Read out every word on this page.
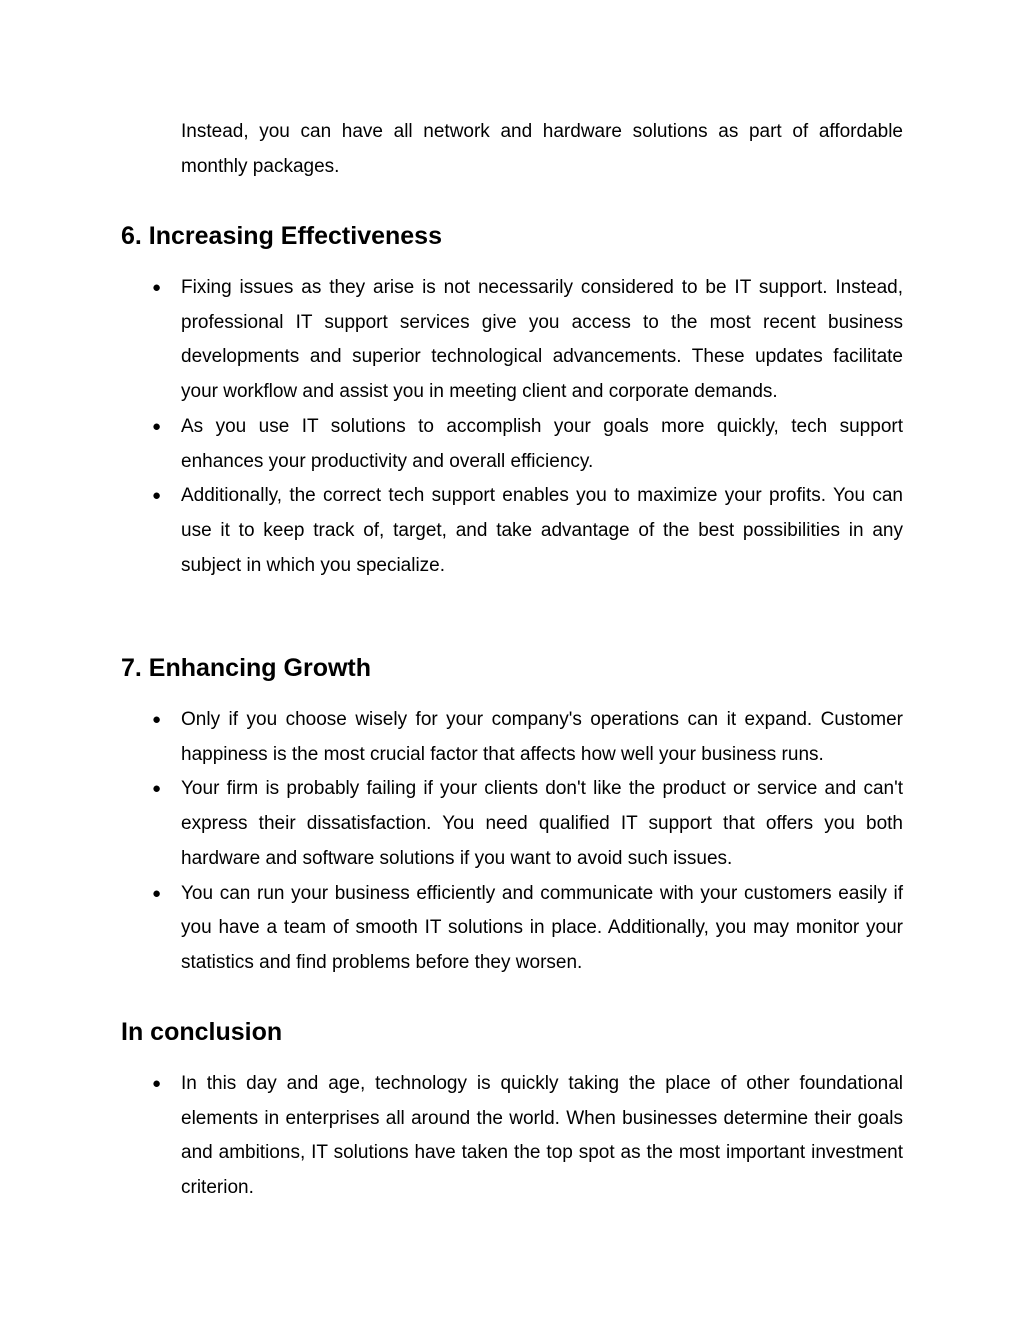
Instead, you can have all network and hardware solutions as part of affordable monthly packages.

6. Increasing Effectiveness
● Fixing issues as they arise is not necessarily considered to be IT support. Instead, professional IT support services give you access to the most recent business developments and superior technological advancements. These updates facilitate your workflow and assist you in meeting client and corporate demands.
● As you use IT solutions to accomplish your goals more quickly, tech support enhances your productivity and overall efficiency.
● Additionally, the correct tech support enables you to maximize your profits. You can use it to keep track of, target, and take advantage of the best possibilities in any subject in which you specialize.
7. Enhancing Growth
● Only if you choose wisely for your company's operations can it expand. Customer happiness is the most crucial factor that affects how well your business runs.
● Your firm is probably failing if your clients don't like the product or service and can't express their dissatisfaction. You need qualified IT support that offers you both hardware and software solutions if you want to avoid such issues.
● You can run your business efficiently and communicate with your customers easily if you have a team of smooth IT solutions in place. Additionally, you may monitor your statistics and find problems before they worsen.
In conclusion
● In this day and age, technology is quickly taking the place of other foundational elements in enterprises all around the world. When businesses determine their goals and ambitions, IT solutions have taken the top spot as the most important investment criterion.
